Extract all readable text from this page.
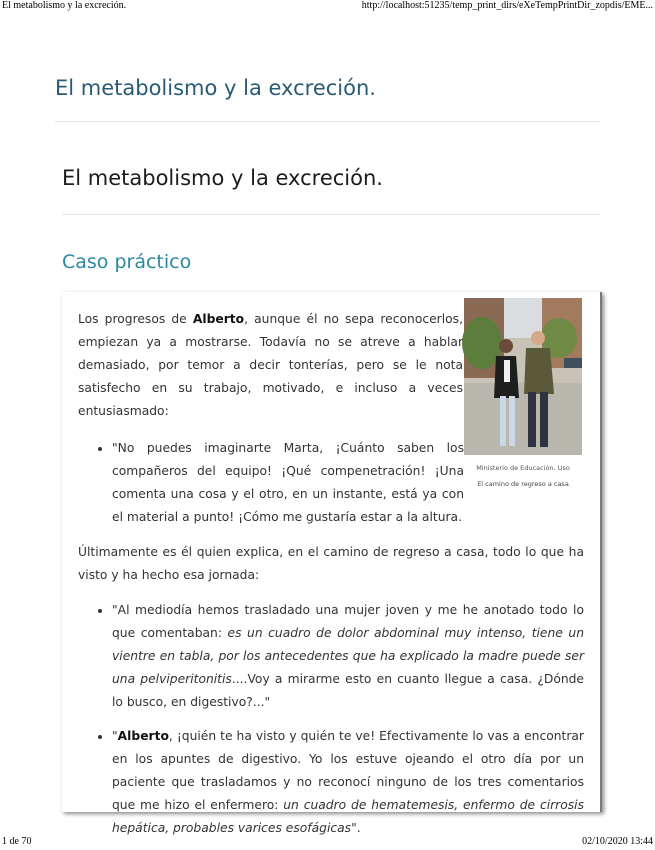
El metabolismo y la excreción.	http://localhost:51235/temp_print_dirs/eXeTempPrintDir_zopdis/EME...
El metabolismo y la excreción.
El metabolismo y la excreción.
Caso práctico
Ministerio de Educación. Uso
El camino de regreso a casa

Los progresos de Alberto, aunque él no sepa reconocerlos, empiezan ya a mostrarse. Todavía no se atreve a hablar demasiado, por temor a decir tonterías, pero se le nota satisfecho en su trabajo, motivado, e incluso a veces entusiasmado:

• "No puedes imaginarte Marta, ¡Cuánto saben los compañeros del equipo! ¡Qué compenetración! ¡Una comenta una cosa y el otro, en un instante, está ya con el material a punto! ¡Cómo me gustaría estar a la altura.

Últimamente es él quien explica, en el camino de regreso a casa, todo lo que ha visto y ha hecho esa jornada:

• "Al mediodía hemos trasladado una mujer joven y me he anotado todo lo que comentaban: es un cuadro de dolor abdominal muy intenso, tiene un vientre en tabla, por los antecedentes que ha explicado la madre puede ser una pelviperitonitis....Voy a mirarme esto en cuanto llegue a casa. ¿Dónde lo busco, en digestivo?..."
• "Alberto, ¡quién te ha visto y quién te ve! Efectivamente lo vas a encontrar en los apuntes de digestivo. Yo los estuve ojeando el otro día por un paciente que trasladamos y no reconocí ninguno de los tres comentarios que me hizo el enfermero: un cuadro de hematemesis, enfermo de cirrosis hepática, probables varices esofágicas".
1 de 70	02/10/2020 13:44
